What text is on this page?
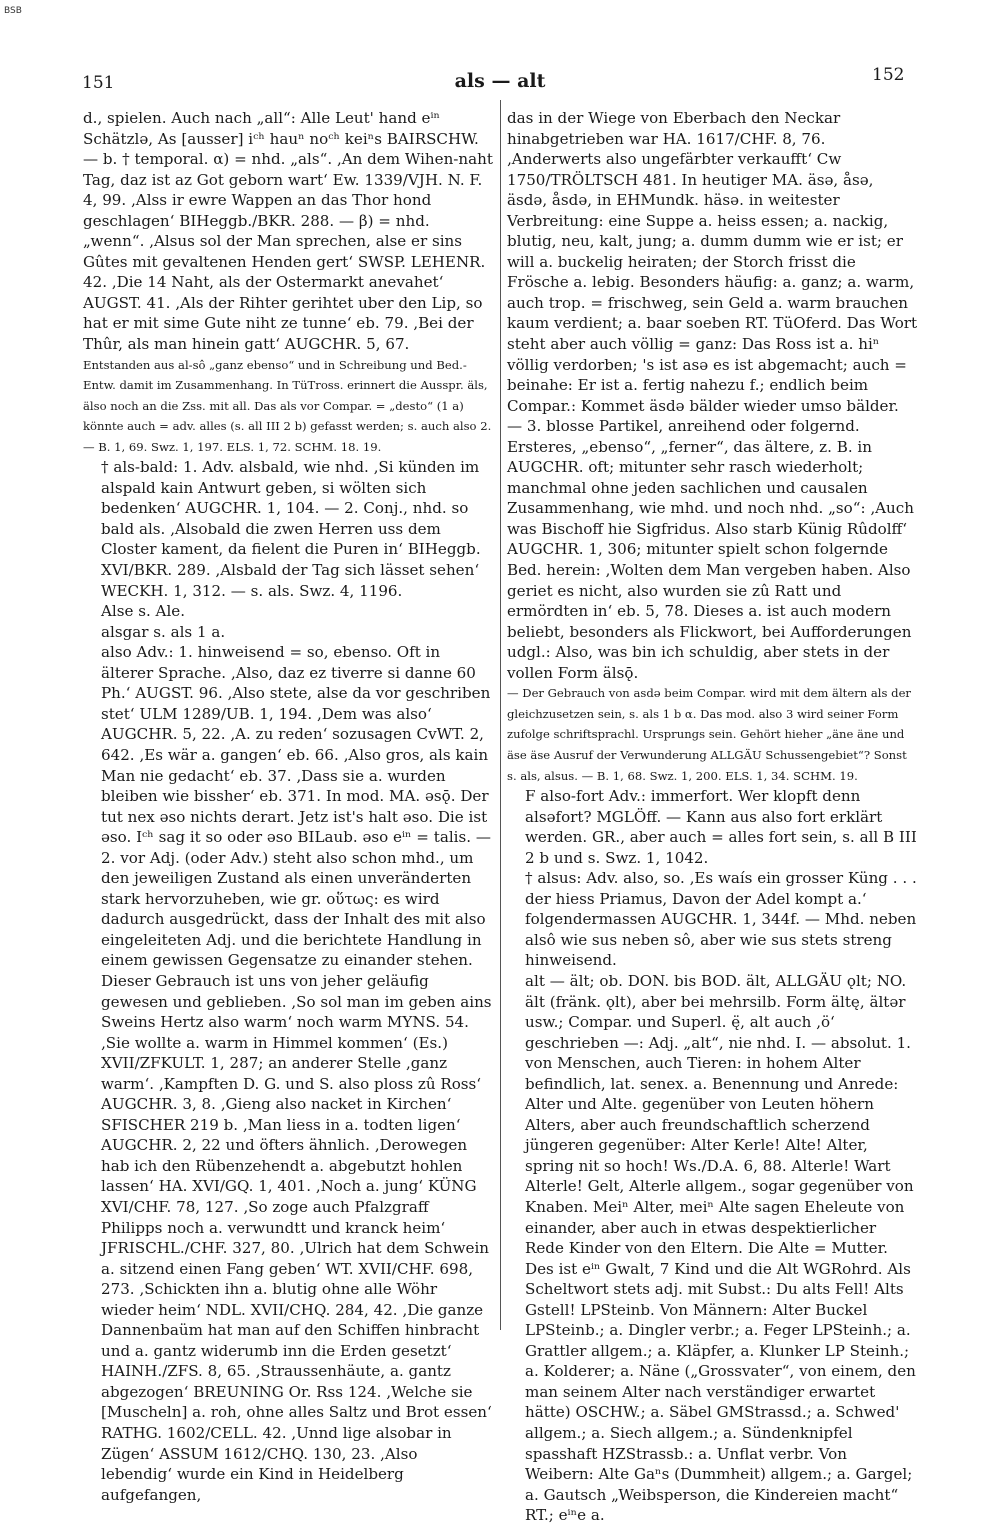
BSB
151	als — alt	152

d., spielen. Auch nach „all“: Alle Leut' hand eⁱⁿ Schätzlə, As [ausser] iᶜʰ hauⁿ noᶜʰ keiⁿs BAIRSCHW. — b. † temporal. α) = nhd. „als“. ‚An dem Wihen-naht Tag, daz ist az Got geborn wart‘ Ew. 1339/VJH. N. F. 4, 99. ‚Alss ir ewre Wappen an das Thor hond geschlagen‘ BIHeggb./BKR. 288. — β) = nhd. „wenn“. ‚Alsus sol der Man sprechen, alse er sins Gûtes mit gevaltenen Henden gert‘ SWSP. LEHENR. 42. ‚Die 14 Naht, als der Ostermarkt anevahet‘ AUGST. 41. ‚Als der Rihter gerihtet uber den Lip, so hat er mit sime Gute niht ze tunne‘ eb. 79. ‚Bei der Thûr, als man hinein gatt‘ AUGCHR. 5, 67.

Entstanden aus al-sô „ganz ebenso“ und in Schreibung und Bed.-Entw. damit im Zusammenhang. In TüTross. erinnert die Ausspr. äls, älso noch an die Zss. mit all. Das als vor Compar. = „desto“ (1 a) könnte auch = adv. alles (s. all III 2 b) gefasst werden; s. auch also 2. — B. 1, 69. Swz. 1, 197. ELS. 1, 72. SCHM. 18. 19.

† als-bald: 1. Adv. alsbald, wie nhd. ‚Si künden im alspald kain Antwurt geben, si wölten sich bedenken‘ AUGCHR. 1, 104. — 2. Conj., nhd. so bald als. ‚Alsobald die zwen Herren uss dem Closter kament, da fielent die Puren in‘ BIHeggb. XVI/BKR. 289. ‚Alsbald der Tag sich lässet sehen‘ WECKH. 1, 312. — s. als. Swz. 4, 1196.

Alse s. Ale.

alsgar s. als 1 a.

also Adv.: 1. hinweisend = so, ebenso. Oft in älterer Sprache. ‚Also, daz ez tiverre si danne 60 Ph.‘ AUGST. 96. ‚Also stete, alse da vor geschriben stet‘ ULM 1289/UB. 1, 194. ‚Dem was also‘ AUGCHR. 5, 22. ‚A. zu reden‘ sozusagen CvWT. 2, 642. ‚Es wär a. gangen‘ eb. 66. ‚Also gros, als kain Man nie gedacht‘ eb. 37. ‚Dass sie a. wurden bleiben wie bissher‘ eb. 371. In mod. MA. əsǭ. Der tut nex əso nichts derart. Jetz ist's halt əso. Die ist əso. Iᶜʰ sag it so oder əso BILaub. əso eⁱⁿ = talis. — 2. vor Adj. (oder Adv.) steht also schon mhd., um den jeweiligen Zustand als einen unveränderten stark hervorzuheben, wie gr. οὕτως: es wird dadurch ausgedrückt, dass der Inhalt des mit also eingeleiteten Adj. und die berichtete Handlung in einem gewissen Gegensatze zu einander stehen. Dieser Gebrauch ist uns von jeher geläufig gewesen und geblieben. ‚So sol man im geben ains Sweins Hertz also warm‘ noch warm MYNS. 54. ‚Sie wollte a. warm in Himmel kommen‘ (Es.) XVII/ZFKULT. 1, 287; an anderer Stelle ‚ganz warm‘. ‚Kampften D. G. und S. also ploss zû Ross‘ AUGCHR. 3, 8. ‚Gieng also nacket in Kirchen‘ SFISCHER 219 b. ‚Man liess in a. todten ligen‘ AUGCHR. 2, 22 und öfters ähnlich. ‚Derowegen hab ich den Rübenzehendt a. abgebutzt hohlen lassen‘ HA. XVI/GQ. 1, 401. ‚Noch a. jung‘ KÜNG XVI/CHF. 78, 127. ‚So zoge auch Pfalzgraff Philipps noch a. verwundtt und kranck heim‘ JFRISCHL./CHF. 327, 80. ‚Ulrich hat dem Schwein a. sitzend einen Fang geben‘ WT. XVII/CHF. 698, 273. ‚Schickten ihn a. blutig ohne alle Wöhr wieder heim‘ NDL. XVII/CHQ. 284, 42. ‚Die ganze Dannenbaüm hat man auf den Schiffen hinbracht und a. gantz widerumb inn die Erden gesetzt‘ HAINH./ZFS. 8, 65. ‚Straussenhäute, a. gantz abgezogen‘ BREUNING Or. Rss 124. ‚Welche sie [Muscheln] a. roh, ohne alles Saltz und Brot essen‘ RATHG. 1602/CELL. 42. ‚Unnd lige alsobar in Zügen‘ ASSUM 1612/CHQ. 130, 23. ‚Also lebendig‘ wurde ein Kind in Heidelberg aufgefangen,

das in der Wiege von Eberbach den Neckar hinabgetrieben war HA. 1617/CHF. 8, 76. ‚Anderwerts also ungefärbter verkaufft‘ Cw 1750/TRÖLTSCH 481. In heutiger MA. äsə, åsə, äsdə, åsdə, in EHMundk. häsə. in weitester Verbreitung: eine Suppe a. heiss essen; a. nackig, blutig, neu, kalt, jung; a. dumm dumm wie er ist; er will a. buckelig heiraten; der Storch frisst die Frösche a. lebig. Besonders häufig: a. ganz; a. warm, auch trop. = frischweg, sein Geld a. warm brauchen kaum verdient; a. baar soeben RT. TüOferd. Das Wort steht aber auch völlig = ganz: Das Ross ist a. hiⁿ völlig verdorben; 's ist asə es ist abgemacht; auch = beinahe: Er ist a. fertig nahezu f.; endlich beim Compar.: Kommet äsdə bälder wieder umso bälder. — 3. blosse Partikel, anreihend oder folgernd. Ersteres, „ebenso“, „ferner“, das ältere, z. B. in AUGCHR. oft; mitunter sehr rasch wiederholt; manchmal ohne jeden sachlichen und causalen Zusammenhang, wie mhd. und noch nhd. „so“: ‚Auch was Bischoff hie Sigfridus. Also starb Künig Rûdolff‘ AUGCHR. 1, 306; mitunter spielt schon folgernde Bed. herein: ‚Wolten dem Man vergeben haben. Also geriet es nicht, also wurden sie zû Ratt und ermördten in‘ eb. 5, 78. Dieses a. ist auch modern beliebt, besonders als Flickwort, bei Aufforderungen udgl.: Also, was bin ich schuldig, aber stets in der vollen Form älsǭ.

— Der Gebrauch von asdə beim Compar. wird mit dem ältern als der gleichzusetzen sein, s. als 1 b α. Das mod. also 3 wird seiner Form zufolge schriftsprachl. Ursprungs sein. Gehört hieher „äne äne und äse äse Ausruf der Verwunderung ALLGÄU Schussengebiet“? Sonst s. als, alsus. — B. 1, 68. Swz. 1, 200. ELS. 1, 34. SCHM. 19.

F also-fort Adv.: immerfort. Wer klopft denn alsəfort? MGLÖff. — Kann aus also fort erklärt werden. GR., aber auch = alles fort sein, s. all B III 2 b und s. Swz. 1, 1042.

† alsus: Adv. also, so. ‚Es waís ein grosser Küng . . . der hiess Priamus, Davon der Adel kompt a.‘ folgendermassen AUGCHR. 1, 344f. — Mhd. neben alsô wie sus neben sô, aber wie sus stets streng hinweisend.

alt — ält; ob. DON. bis BOD. ält, ALLGÄU ǫlt; NO. ält (fränk. ǫlt), aber bei mehrsilb. Form ältę, ältər usw.; Compar. und Superl. ę̈, alt auch ‚ö‘ geschrieben —: Adj. „alt“, nie nhd. I. — absolut. 1. von Menschen, auch Tieren: in hohem Alter befindlich, lat. senex. a. Benennung und Anrede: Alter und Alte. gegenüber von Leuten höhern Alters, aber auch freundschaftlich scherzend jüngeren gegenüber: Alter Kerle! Alte! Alter, spring nit so hoch! Ws./D.A. 6, 88. Alterle! Wart Alterle! Gelt, Alterle allgem., sogar gegenüber von Knaben. Meiⁿ Alter, meiⁿ Alte sagen Eheleute von einander, aber auch in etwas despektierlicher Rede Kinder von den Eltern. Die Alte = Mutter. Des ist eⁱⁿ Gwalt, 7 Kind und die Alt WGRohrd. Als Scheltwort stets adj. mit Subst.: Du alts Fell! Alts Gstell! LPSteinb. Von Männern: Alter Buckel LPSteinb.; a. Dingler verbr.; a. Feger LPSteinh.; a. Grattler allgem.; a. Kläpfer, a. Klunker LP Steinh.; a. Kolderer; a. Näne („Grossvater“, von einem, den man seinem Alter nach verständiger erwartet hätte) OSCHW.; a. Säbel GMStrassd.; a. Schwed' allgem.; a. Siech allgem.; a. Sündenknipfel spasshaft HZStrassb.: a. Unflat verbr. Von Weibern: Alte Gaⁿs (Dummheit) allgem.; a. Gargel; a. Gautsch „Weibsperson, die Kindereien macht“ RT.; eⁱⁿe a.
